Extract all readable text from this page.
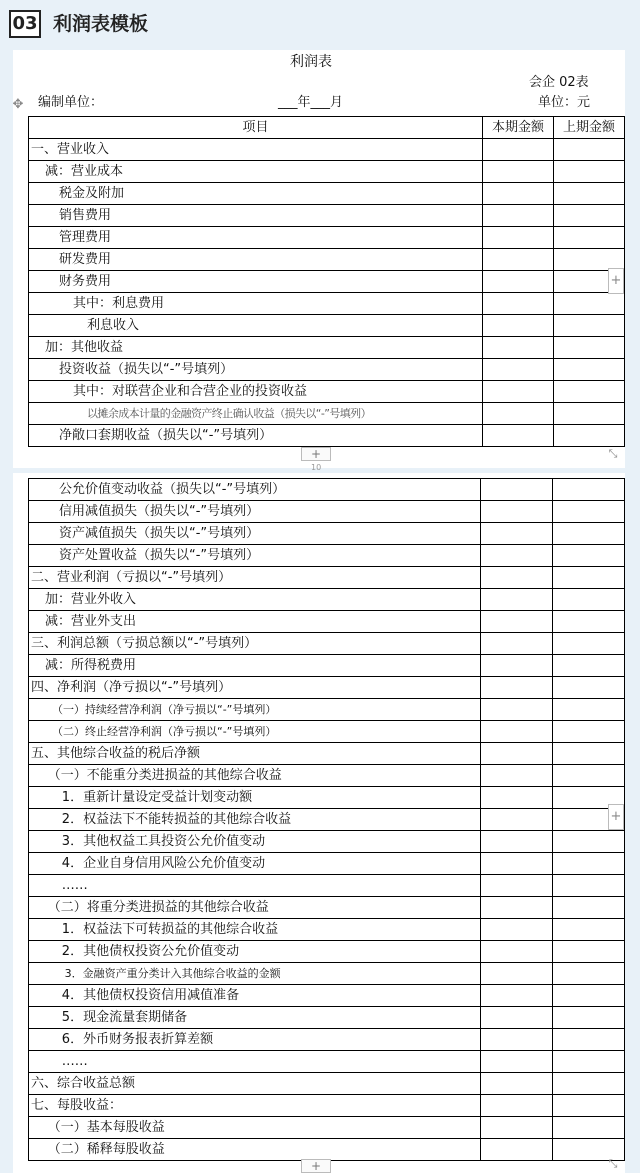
03 利润表模板
利润表
会企 02表
编制单位：	___年___月	单位：元
项目	本期金额	上期金额
一、营业收入		
减：营业成本		
税金及附加		
销售费用		
管理费用		
研发费用		
财务费用		
其中：利息费用		
利息收入		
加：其他收益		
投资收益（损失以“-”号填列）		
其中：对联营企业和合营企业的投资收益		
以摊余成本计量的金融资产终止确认收益（损失以“-”号填列）		
净敞口套期收益（损失以“-”号填列）		
+
10
✥
+
⤡
公允价值变动收益（损失以“-”号填列）		
信用减值损失（损失以“-”号填列）		
资产减值损失（损失以“-”号填列）		
资产处置收益（损失以“-”号填列）		
二、营业利润（亏损以“-”号填列）		
加：营业外收入		
减：营业外支出		
三、利润总额（亏损总额以“-”号填列）		
减：所得税费用		
四、净利润（净亏损以“-”号填列）		
（一）持续经营净利润（净亏损以“-”号填列）		
（二）终止经营净利润（净亏损以“-”号填列）		
五、其他综合收益的税后净额		
（一）不能重分类进损益的其他综合收益		
1．重新计量设定受益计划变动额		
2．权益法下不能转损益的其他综合收益		
3．其他权益工具投资公允价值变动		
4．企业自身信用风险公允价值变动		
……		
（二）将重分类进损益的其他综合收益		
1．权益法下可转损益的其他综合收益		
2．其他债权投资公允价值变动		
3．金融资产重分类计入其他综合收益的金额		
4．其他债权投资信用减值准备		
5．现金流量套期储备		
6．外币财务报表折算差额		
……		
六、综合收益总额		
七、每股收益：		
（一）基本每股收益		
（二）稀释每股收益		
+
+
⤡
